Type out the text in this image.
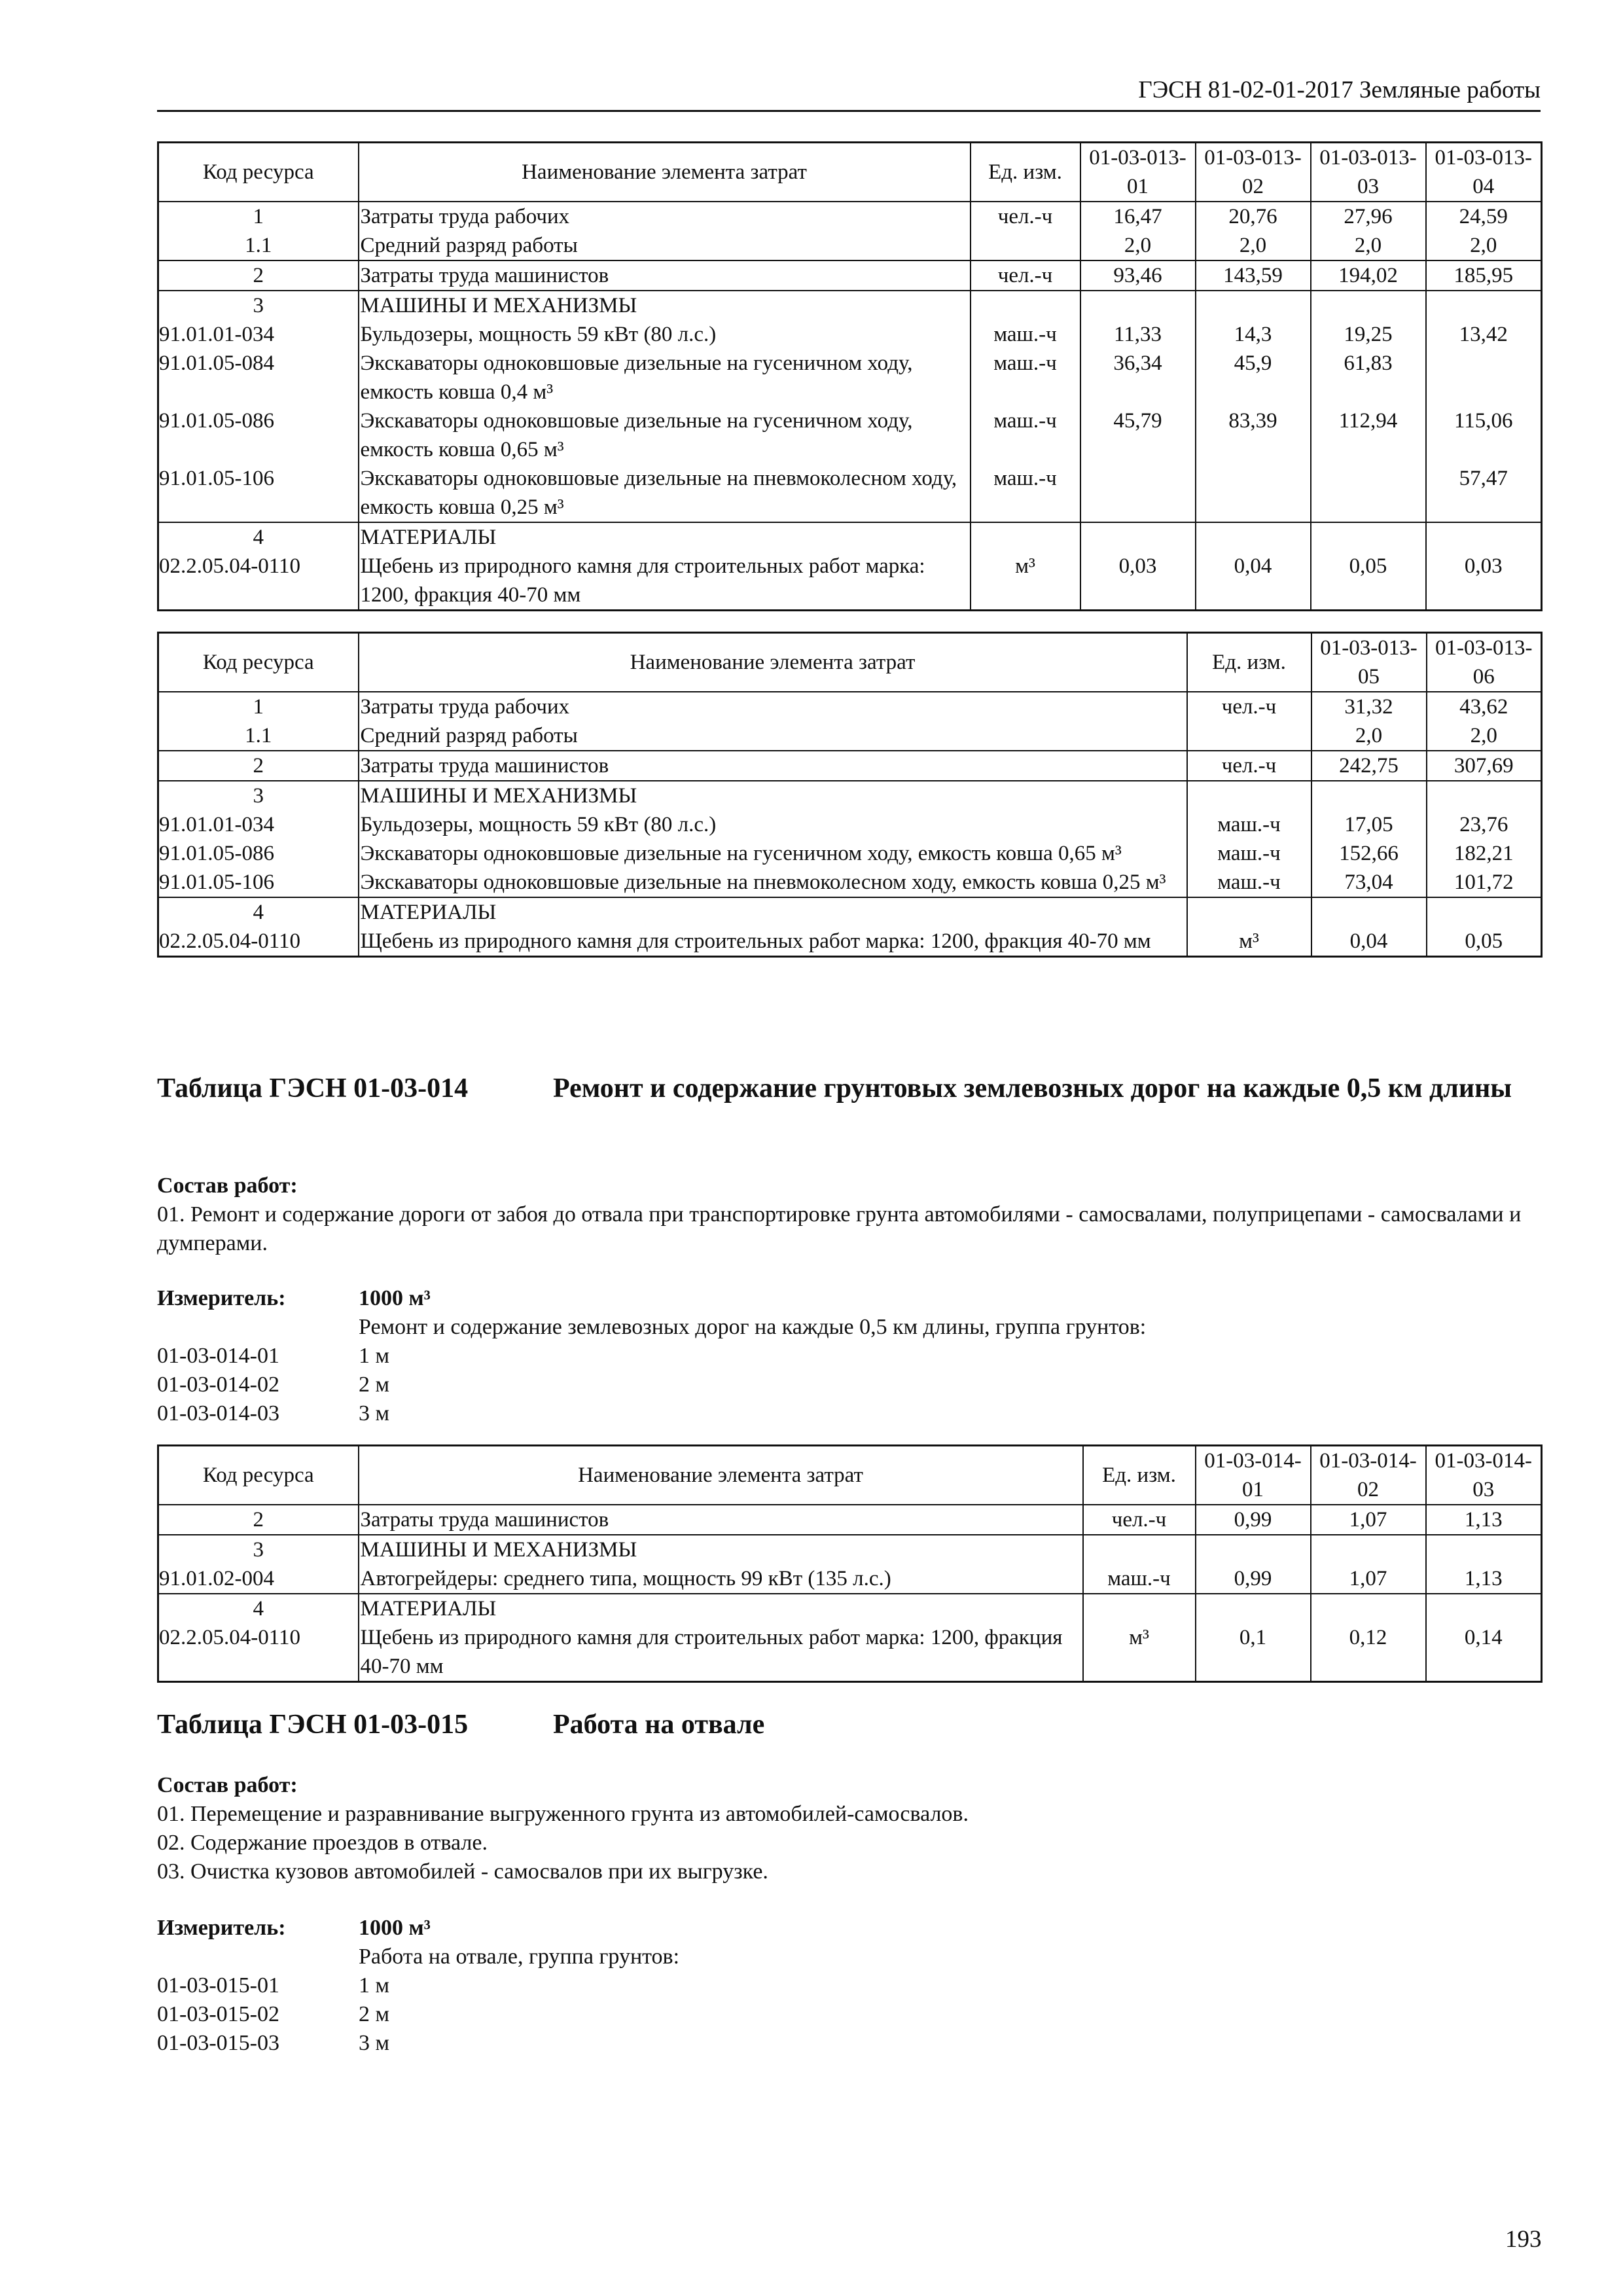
ГЭСН 81-02-01-2017 Земляные работы
Код ресурса	Наименование элемента затрат	Ед. изм.	01-03-013-01	01-03-013-02	01-03-013-03	01-03-013-04
1	Затраты труда рабочих	чел.-ч	16,47	20,76	27,96	24,59
1.1	Средний разряд работы		2,0	2,0	2,0	2,0
2	Затраты труда машинистов	чел.-ч	93,46	143,59	194,02	185,95
3	МАШИНЫ И МЕХАНИЗМЫ					
91.01.01-034	Бульдозеры, мощность 59 кВт (80 л.с.)	маш.-ч	11,33	14,3	19,25	13,42
91.01.05-084	Экскаваторы одноковшовые дизельные на гусеничном ходу, емкость ковша 0,4 м³	маш.-ч	36,34	45,9	61,83	
91.01.05-086	Экскаваторы одноковшовые дизельные на гусеничном ходу, емкость ковша 0,65 м³	маш.-ч	45,79	83,39	112,94	115,06
91.01.05-106	Экскаваторы одноковшовые дизельные на пневмоколесном ходу, емкость ковша 0,25 м³	маш.-ч				57,47
4	МАТЕРИАЛЫ					
02.2.05.04-0110	Щебень из природного камня для строительных работ марка: 1200, фракция 40-70 мм	м³	0,03	0,04	0,05	0,03
Код ресурса	Наименование элемента затрат	Ед. изм.	01-03-013-05	01-03-013-06
1	Затраты труда рабочих	чел.-ч	31,32	43,62
1.1	Средний разряд работы		2,0	2,0
2	Затраты труда машинистов	чел.-ч	242,75	307,69
3	МАШИНЫ И МЕХАНИЗМЫ			
91.01.01-034	Бульдозеры, мощность 59 кВт (80 л.с.)	маш.-ч	17,05	23,76
91.01.05-086	Экскаваторы одноковшовые дизельные на гусеничном ходу, емкость ковша 0,65 м³	маш.-ч	152,66	182,21
91.01.05-106	Экскаваторы одноковшовые дизельные на пневмоколесном ходу, емкость ковша 0,25 м³	маш.-ч	73,04	101,72
4	МАТЕРИАЛЫ			
02.2.05.04-0110	Щебень из природного камня для строительных работ марка: 1200, фракция 40-70 мм	м³	0,04	0,05
Таблица ГЭСН 01-03-014	Ремонт и содержание грунтовых землевозных дорог на каждые 0,5 км длины
Состав работ:
01. Ремонт и содержание дороги от забоя до отвала при транспортировке грунта автомобилями - самосвалами, полуприцепами - самосвалами и думперами.
Измеритель:	1000 м³
Ремонт и содержание землевозных дорог на каждые 0,5 км длины, группа грунтов:
01-03-014-01	1 м
01-03-014-02	2 м
01-03-014-03	3 м
Код ресурса	Наименование элемента затрат	Ед. изм.	01-03-014-01	01-03-014-02	01-03-014-03
2	Затраты труда машинистов	чел.-ч	0,99	1,07	1,13
3	МАШИНЫ И МЕХАНИЗМЫ				
91.01.02-004	Автогрейдеры: среднего типа, мощность 99 кВт (135 л.с.)	маш.-ч	0,99	1,07	1,13
4	МАТЕРИАЛЫ				
02.2.05.04-0110	Щебень из природного камня для строительных работ марка: 1200, фракция 40-70 мм	м³	0,1	0,12	0,14
Таблица ГЭСН 01-03-015	Работа на отвале
Состав работ:
01. Перемещение и разравнивание выгруженного грунта из автомобилей-самосвалов.
02. Содержание проездов в отвале.
03. Очистка кузовов автомобилей - самосвалов при их выгрузке.
Измеритель:	1000 м³
Работа на отвале, группа грунтов:
01-03-015-01	1 м
01-03-015-02	2 м
01-03-015-03	3 м
193
